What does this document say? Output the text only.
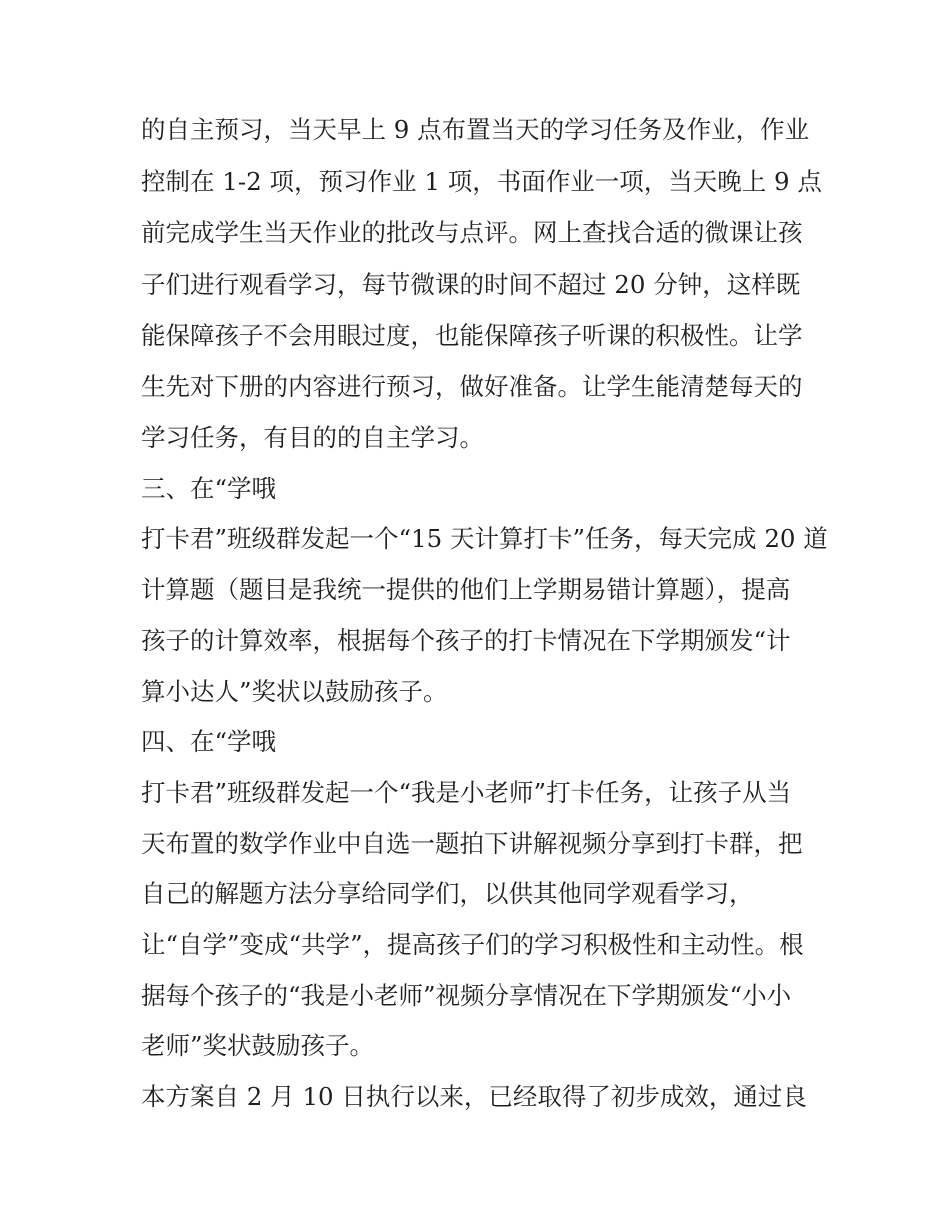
的自主预习，当天早上 9 点布置当天的学习任务及作业，作业
控制在 1-2 项，预习作业 1 项，书面作业一项，当天晚上 9 点
前完成学生当天作业的批改与点评。网上查找合适的微课让孩
子们进行观看学习，每节微课的时间不超过 20 分钟，这样既
能保障孩子不会用眼过度，也能保障孩子听课的积极性。让学
生先对下册的内容进行预习，做好准备。让学生能清楚每天的
学习任务，有目的的自主学习。
三、在“学哦
打卡君”班级群发起一个“15 天计算打卡”任务，每天完成 20 道
计算题（题目是我统一提供的他们上学期易错计算题），提高
孩子的计算效率，根据每个孩子的打卡情况在下学期颁发“计
算小达人”奖状以鼓励孩子。
四、在“学哦
打卡君”班级群发起一个“我是小老师”打卡任务，让孩子从当
天布置的数学作业中自选一题拍下讲解视频分享到打卡群，把
自己的解题方法分享给同学们，以供其他同学观看学习，
让“自学”变成“共学”，提高孩子们的学习积极性和主动性。根
据每个孩子的“我是小老师”视频分享情况在下学期颁发“小小
老师”奖状鼓励孩子。
本方案自 2 月 10 日执行以来，已经取得了初步成效，通过良
